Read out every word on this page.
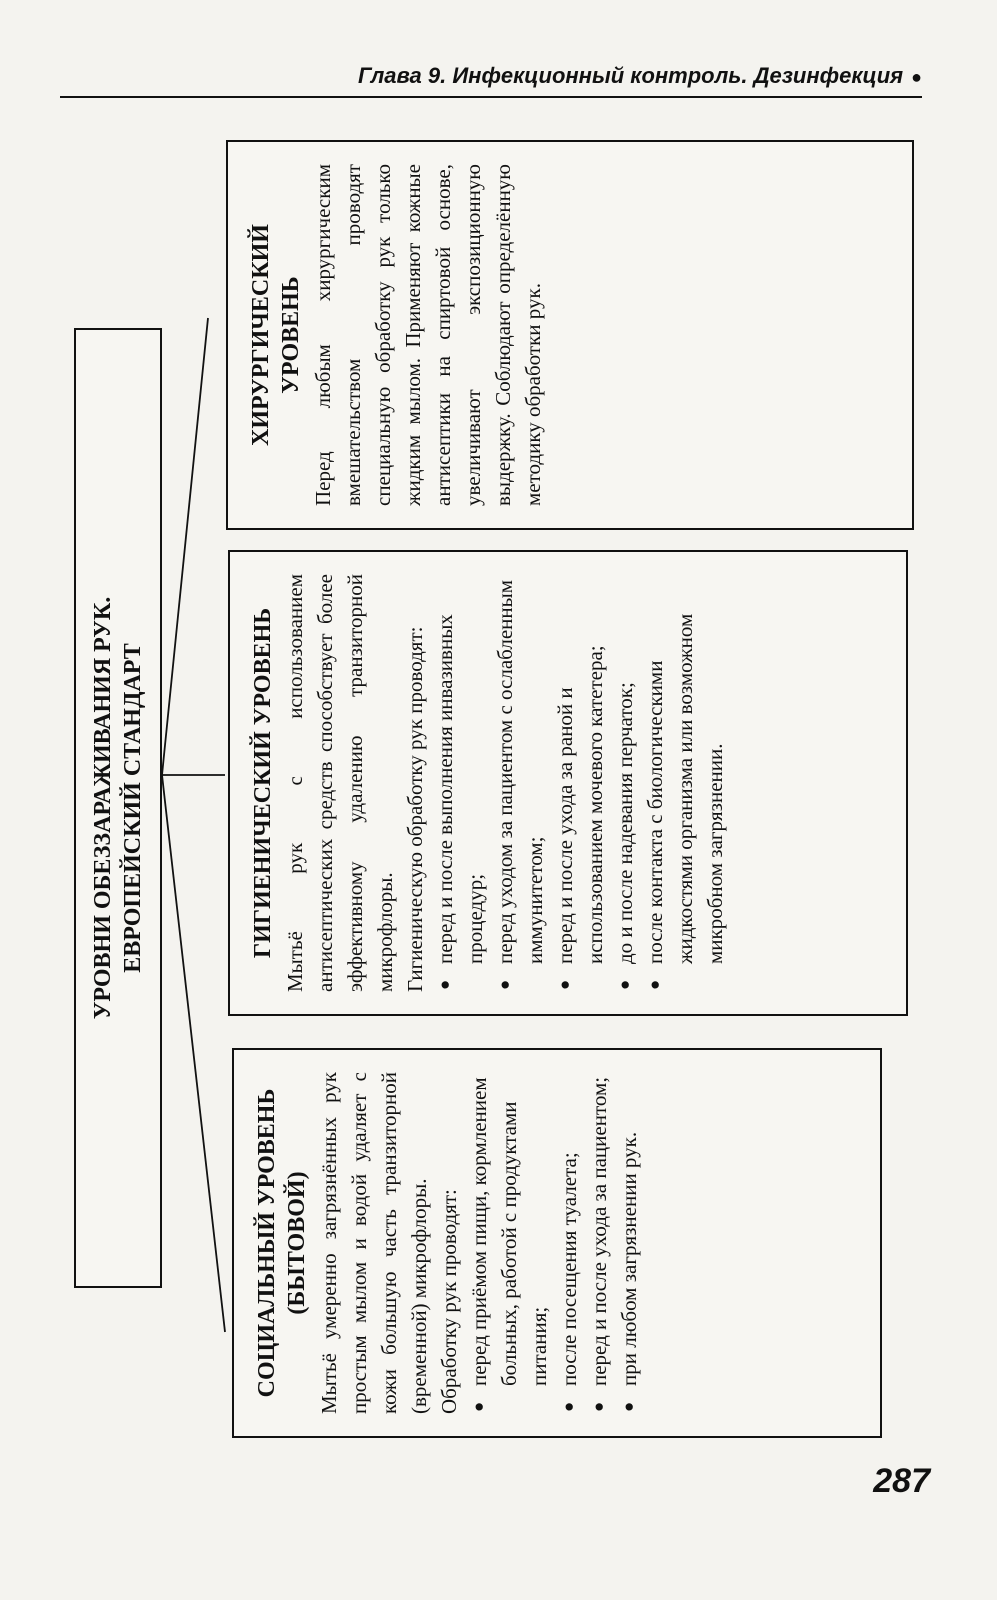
Глава 9. Инфекционный контроль. Дезинфекция ●
УРОВНИ ОБЕЗЗАРАЖИВАНИЯ РУК. ЕВРОПЕЙСКИЙ СТАНДАРТ
СОЦИАЛЬНЫЙ УРОВЕНЬ (БЫТОВОЙ) Мытьё умеренно загрязнённых рук простым мылом и водой удаляет с кожи большую часть транзиторной (временной) микрофлоры. Обработку рук проводят: ● перед приёмом пищи, кормлением больных, работой с продуктами питания; ● после посещения туалета; ● перед и после ухода за пациентом; ● при любом загрязнении рук.
ГИГИЕНИЧЕСКИЙ УРОВЕНЬ Мытьё рук с использованием антисептических средств способствует более эффективному удалению транзиторной микрофлоры. Гигиеническую обработку рук проводят: ● перед и после выполнения инвазивных процедур; ● перед уходом за пациентом с ослабленным иммунитетом; ● перед и после ухода за раной и использованием мочевого катетера; ● до и после надевания перчаток; ● после контакта с биологическими жидкостями организма или возможном микробном загрязнении.
ХИРУРГИЧЕСКИЙ УРОВЕНЬ Перед любым хирургическим вмешательством проводят специальную обработку рук только жидким мылом. Применяют кожные антисептики на спиртовой основе, увеличивают экспозиционную выдержку. Соблюдают определённую методику обработки рук.

287
